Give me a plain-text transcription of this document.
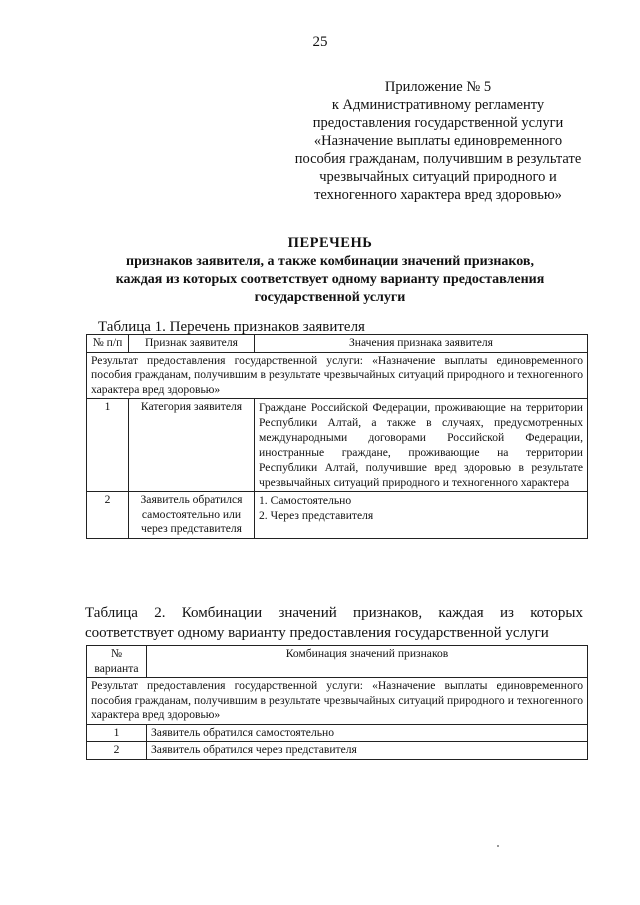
25
Приложение № 5
к Административному регламенту
предоставления государственной услуги
«Назначение выплаты единовременного
пособия гражданам, получившим в результате
чрезвычайных ситуаций природного и
техногенного характера вред здоровью»
ПЕРЕЧЕНЬ
признаков заявителя, а также комбинации значений признаков,
каждая из которых соответствует одному варианту предоставления
государственной услуги
Таблица 1. Перечень признаков заявителя
№ п/п	Признак заявителя	Значения признака заявителя
Результат предоставления государственной услуги: «Назначение выплаты единовременного пособия гражданам, получившим в результате чрезвычайных ситуаций природного и техногенного характера вред здоровью»		
1	Категория заявителя	Граждане Российской Федерации, проживающие на территории Республики Алтай, а также в случаях, предусмотренных международными договорами Российской Федерации, иностранные граждане, проживающие на территории Республики Алтай, получившие вред здоровью в результате чрезвычайных ситуаций природного и техногенного характера

2	Заявитель обратился самостоятельно или через представителя	1. Самостоятельно
2. Через представителя
Таблица 2. Комбинации значений признаков, каждая из которых
соответствует одному варианту предоставления государственной услуги
№ варианта	Комбинация значений признаков
Результат предоставления государственной услуги: «Назначение выплаты единовременного пособия гражданам, получившим в результате чрезвычайных ситуаций природного и техногенного характера вред здоровью»	
1	Заявитель обратился самостоятельно
2	Заявитель обратился через представителя
